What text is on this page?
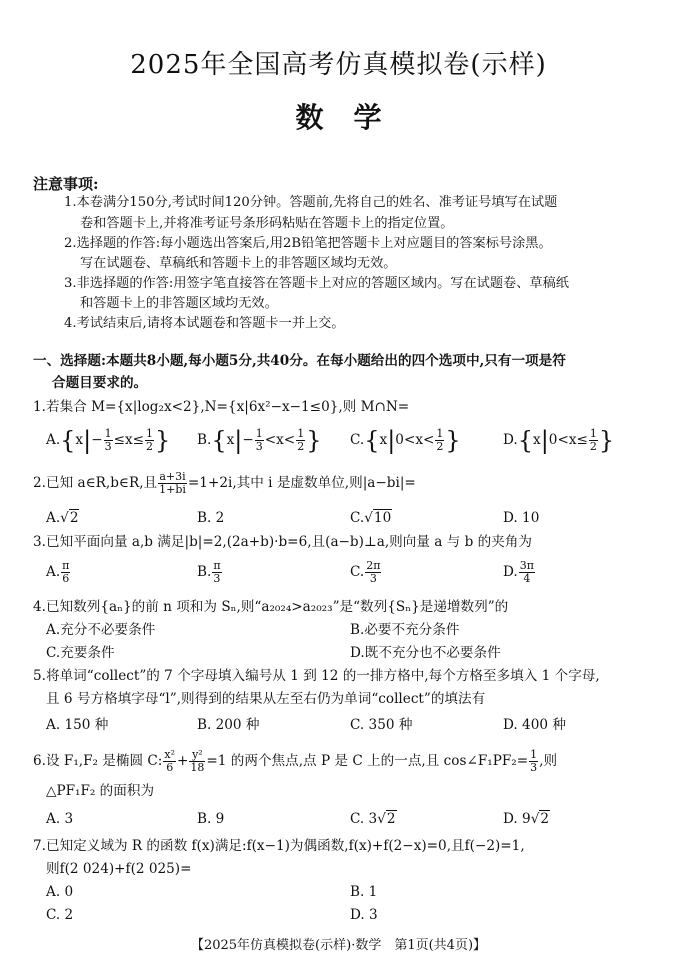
2025年全国高考仿真模拟卷(示样)
数学
注意事项:
1.本卷满分150分,考试时间120分钟。答题前,先将自己的姓名、准考证号填写在试题
卷和答题卡上,并将准考证号条形码粘贴在答题卡上的指定位置。
2.选择题的作答:每小题选出答案后,用2B铅笔把答题卡上对应题目的答案标号涂黑。
写在试题卷、草稿纸和答题卡上的非答题区域均无效。
3.非选择题的作答:用签字笔直接答在答题卡上对应的答题区域内。写在试题卷、草稿纸
和答题卡上的非答题区域均无效。
4.考试结束后,请将本试题卷和答题卡一并上交。
一、选择题:本题共8小题,每小题5分,共40分。在每小题给出的四个选项中,只有一项是符
合题目要求的。
1.若集合 M={x|log₂x<2},N={x|6x²−x−1≤0},则 M∩N=
$A.\{x|- \frac{1}{3} \le x\le \frac{1}{2}$ } $B.\{x|- \frac{1}{3} <x< \frac{1}{2}$ } $C.\{x|0<x< \frac{1}{2}$ }	$D.\{x|0<x\le \frac{1}{2}$ }
2.已知 a∈R,b∈R,且 $\frac{a+3i}{1+bi} =1+2i$,其中 i 是虚数单位,则|a−bi|=
A.√2	B. 2	C.√10	D. 10
3.已知平面向量 a,b 满足|b|=2,(2a+b)·b=6,且(a−b)⊥a,则向量 a 与 b 的夹角为
A. $\frac{\pi}{6}$	B. $\frac{\pi}{3}$	C. $\frac{2\pi}{3}$	D. $\frac{3\pi}{4}$
4.已知数列{aₙ}的前 n 项和为 Sₙ,则“a₂₀₂₄>a₂₀₂₃”是“数列{Sₙ}是递增数列”的
A.充分不必要条件	B.必要不充分条件
C.充要条件	D.既不充分也不必要条件
5.将单词“collect”的 7 个字母填入编号从 1 到 12 的一排方格中,每个方格至多填入 1 个字母,
且 6 号方格填字母“l”,则得到的结果从左至右仍为单词“collect”的填法有
A. 150 种	B. 200 种	C. 350 种	D. 400 种
6.设 F₁,F₂ 是椭圆 C: $\frac{\text{x²}}{6} + \frac{\text{y²}}{18} =1$ 的两个焦点,点 P 是 C 上的一点,且 cos∠F₁PF₂= $\frac{1}{3}$ ,则
△PF₁F₂ 的面积为
A. 3	B. 9	C. 3√2	D. 9√2
7.已知定义域为 R 的函数 f(x)满足:f(x−1)为偶函数,f(x)+f(2−x)=0,且f(−2)=1,
则f(2 024)+f(2 025)=
A. 0	B. 1
C. 2	D. 3
【2025年仿真模拟卷(示样)·数学　第1页(共4页)】
